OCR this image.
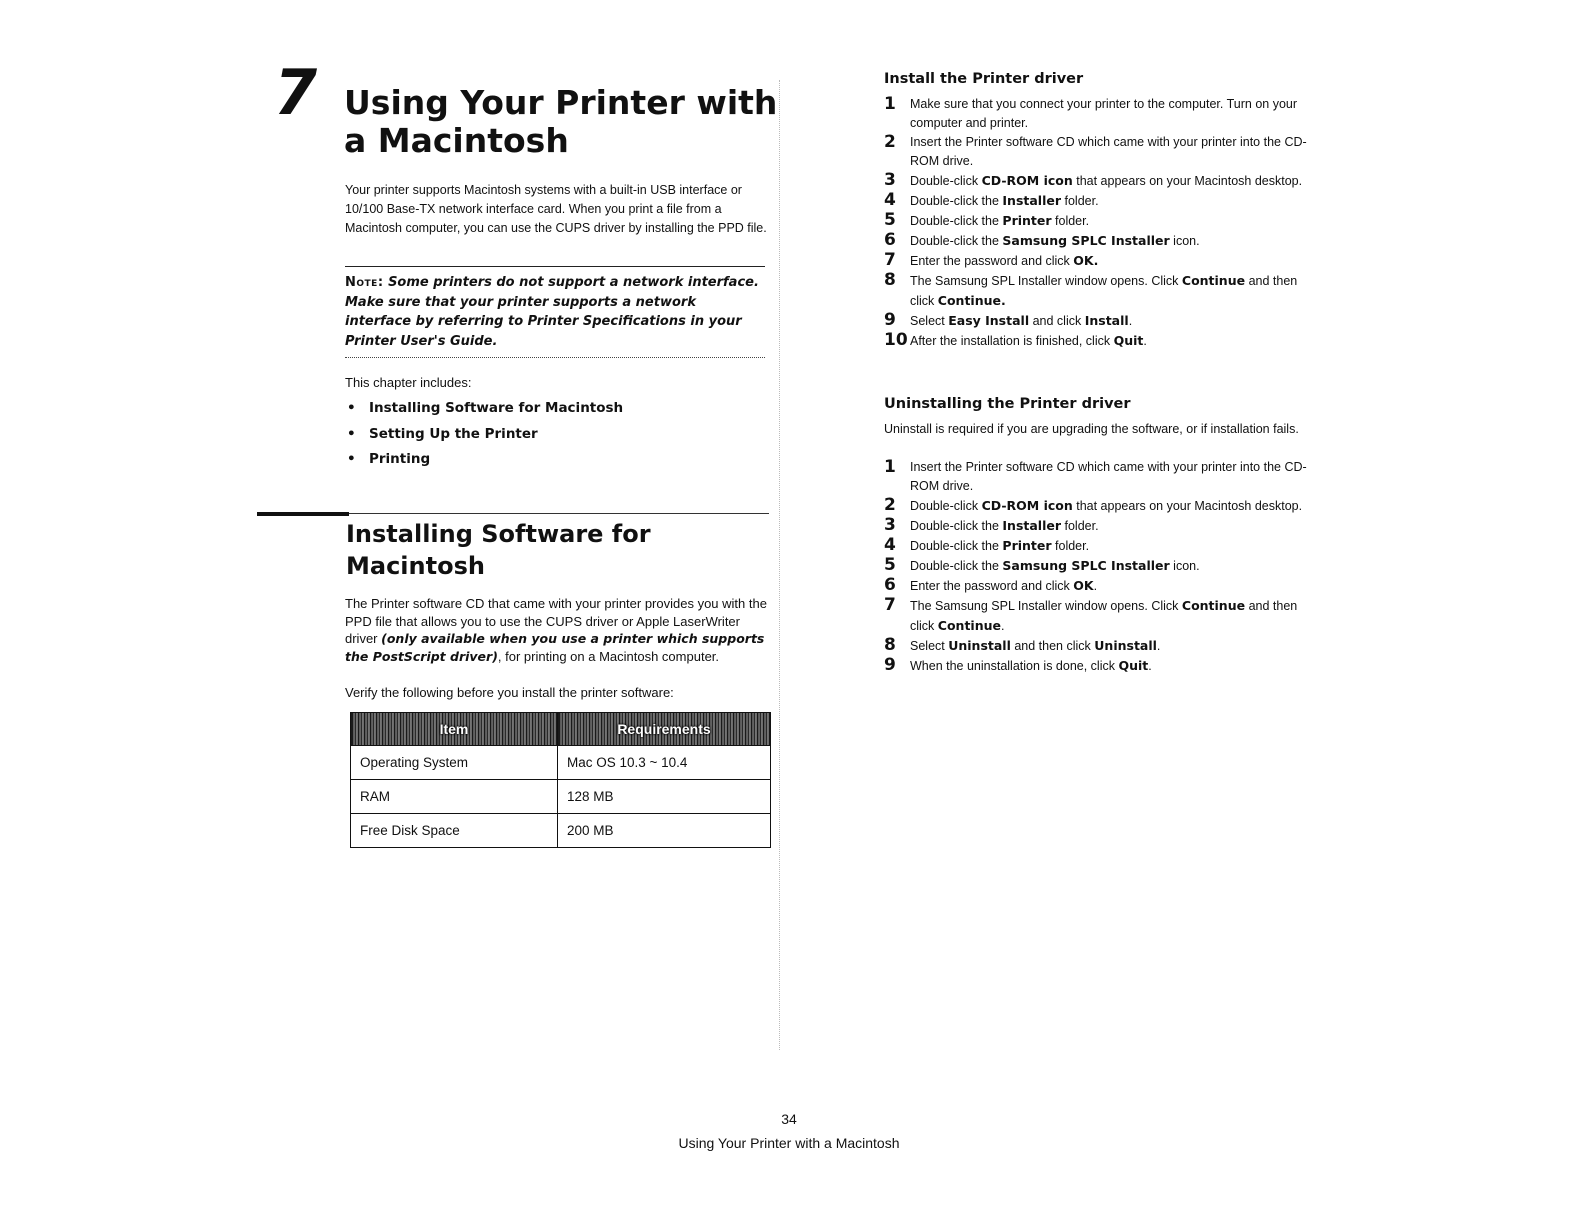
7 Using Your Printer with a Macintosh

Your printer supports Macintosh systems with a built-in USB interface or 10/100 Base-TX network interface card. When you print a file from a Macintosh computer, you can use the CUPS driver by installing the PPD file.

Note: Some printers do not support a network interface. Make sure that your printer supports a network interface by referring to Printer Specifications in your Printer User's Guide.
This chapter includes:
• Installing Software for Macintosh
• Setting Up the Printer
• Printing
Installing Software for Macintosh

The Printer software CD that came with your printer provides you with the PPD file that allows you to use the CUPS driver or Apple LaserWriter driver (only available when you use a printer which supports the PostScript driver), for printing on a Macintosh computer.

Verify the following before you install the printer software:
Item	Requirements
Operating System	Mac OS 10.3 ~ 10.4
RAM	128 MB
Free Disk Space	200 MB
Install the Printer driver
1	Make sure that you connect your printer to the computer. Turn on your computer and printer.
2	Insert the Printer software CD which came with your printer into the CD-ROM drive.
3	Double-click CD-ROM icon that appears on your Macintosh desktop.
4	Double-click the Installer folder.
5	Double-click the Printer folder.
6	Double-click the Samsung SPLC Installer icon.
7	Enter the password and click OK.
8	The Samsung SPL Installer window opens. Click Continue and then click Continue.
9	Select Easy Install and click Install.
10 After the installation is finished, click Quit.
Uninstalling the Printer driver

Uninstall is required if you are upgrading the software, or if installation fails.

1	Insert the Printer software CD which came with your printer into the CD-ROM drive.
2	Double-click CD-ROM icon that appears on your Macintosh desktop.
3	Double-click the Installer folder.
4	Double-click the Printer folder.
5	Double-click the Samsung SPLC Installer icon.
6	Enter the password and click OK.
7	The Samsung SPL Installer window opens. Click Continue and then click Continue.
8	Select Uninstall and then click Uninstall.
9	When the uninstallation is done, click Quit.
34
Using Your Printer with a Macintosh
